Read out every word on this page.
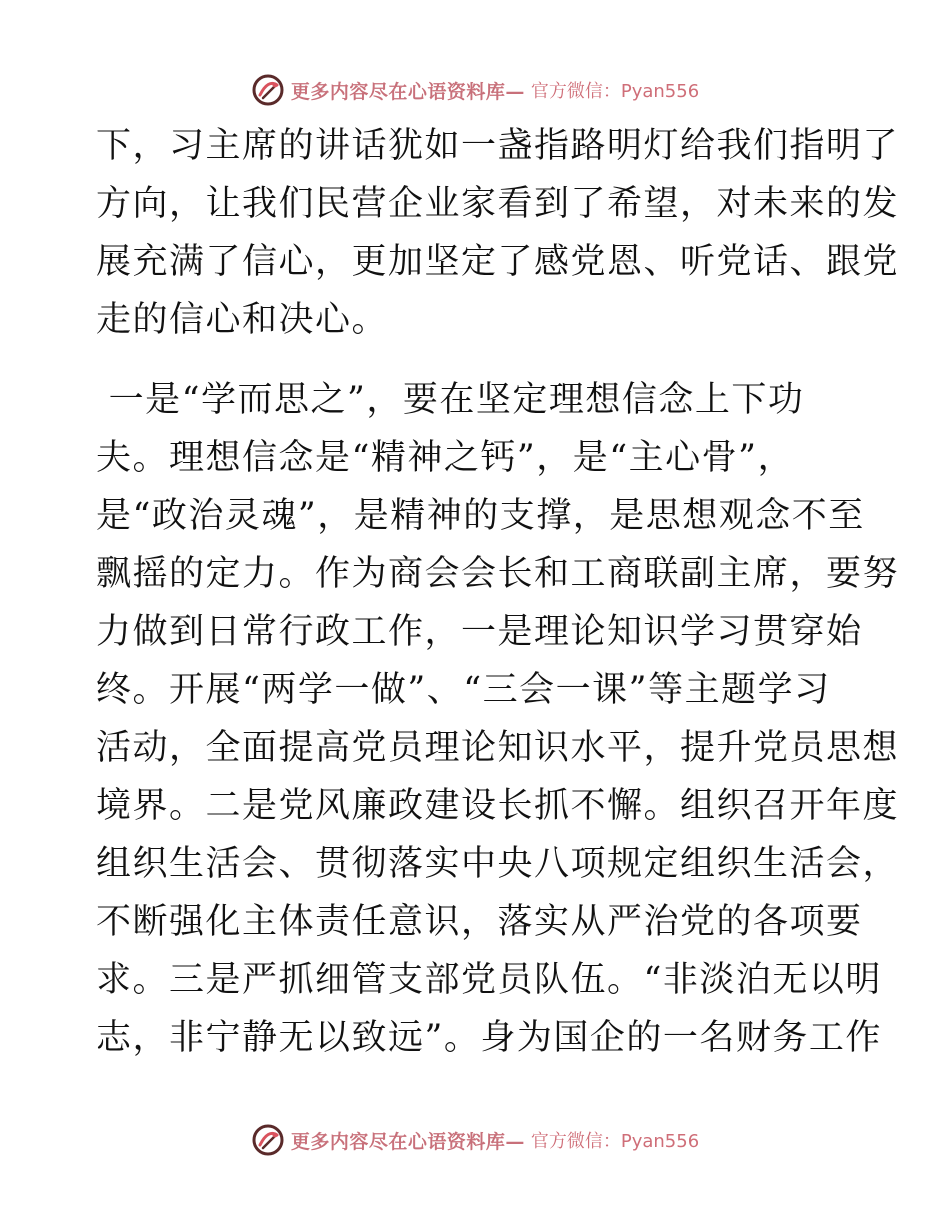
更多内容尽在心语资料库— 官方微信：Pyan556
下，习主席的讲话犹如一盏指路明灯给我们指明了
方向，让我们民营企业家看到了希望，对未来的发
展充满了信心，更加坚定了感党恩、听党话、跟党
走的信心和决心。
一是“学而思之”，要在坚定理想信念上下功
夫。理想信念是“精神之钙”，是“主心骨”，
是“政治灵魂”，是精神的支撑，是思想观念不至
飘摇的定力。作为商会会长和工商联副主席，要努
力做到日常行政工作，一是理论知识学习贯穿始
终。开展“两学一做”、“三会一课”等主题学习
活动，全面提高党员理论知识水平，提升党员思想
境界。二是党风廉政建设长抓不懈。组织召开年度
组织生活会、贯彻落实中央八项规定组织生活会，
不断强化主体责任意识，落实从严治党的各项要
求。三是严抓细管支部党员队伍。“非淡泊无以明
志，非宁静无以致远”。身为国企的一名财务工作
更多内容尽在心语资料库— 官方微信：Pyan556
